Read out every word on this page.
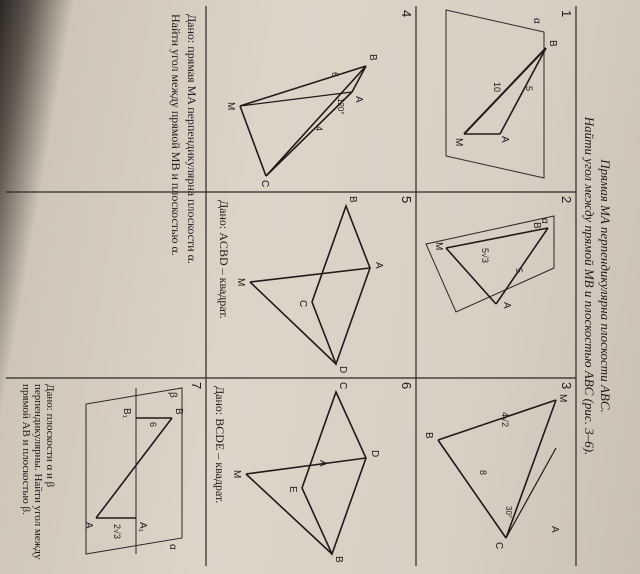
Прямая MA перпендикулярна плоскости ABC.
Найти угол между прямой MB и плоскостью ABC (рис. 3–6).
1
α
B
A
M
10 5
2
α
B
A
M
5√3
5
3
M
A
C
B
4√2
8
30°
4
A
M
C
B
4
6
120°
5
B
A
D
C
M
Дано: ACBD – квадрат.
6
C
D
B
E
M
A
Дано: BCDE – квадрат.
Дано: прямая MA перпендикулярна плоскости α.
Найти угол между прямой MB и плоскостью α.
7
β
α
B
B₁
A	A₁
6
2√3
Дано: плоскости α и β перпендикулярны. Найти угол между прямой AB и плоскостью β.
